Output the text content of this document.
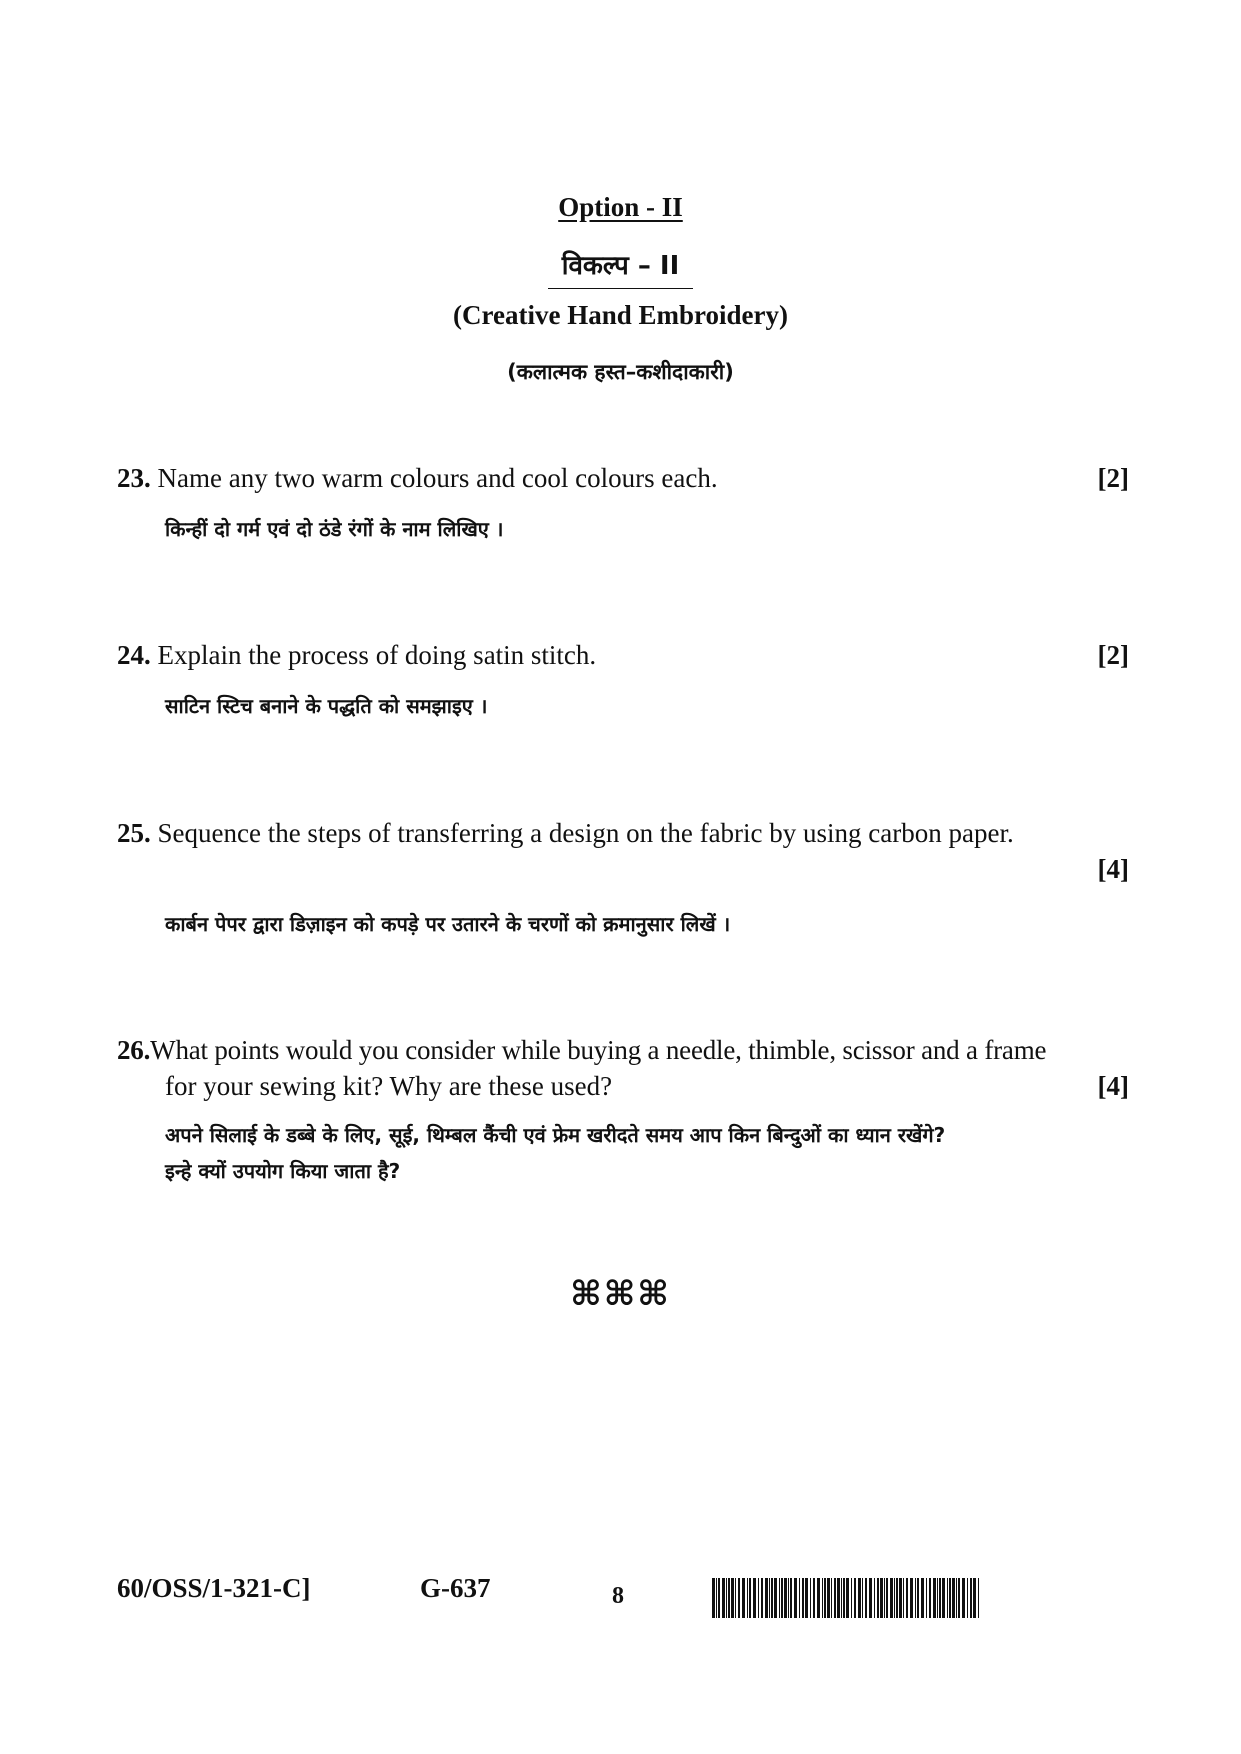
Option - II
विकल्प – II
(Creative Hand Embroidery)
(कलात्मक हस्त–कशीदाकारी)
23. Name any two warm colours and cool colours each.	[2]
किन्हीं दो गर्म एवं दो ठंडे रंगों के नाम लिखिए ।
24. Explain the process of doing satin stitch.	[2]
साटिन स्टिच बनाने के पद्धति को समझाइए ।
25. Sequence the steps of transferring a design on the fabric by using carbon paper.
[4]
कार्बन पेपर द्वारा डिज़ाइन को कपड़े पर उतारने के चरणों को क्रमानुसार लिखें ।
26.What points would you consider while buying a needle, thimble, scissor and a frame
for your sewing kit? Why are these used?	[4]
अपने सिलाई के डब्बे के लिए, सूई, थिम्बल कैंची एवं फ्रेम खरीदते समय आप किन बिन्दुओं का ध्यान रखेंगे?
इन्हे क्यों उपयोग किया जाता है?
⌘⌘⌘
60/OSS/1-321-C]	G-637	8
